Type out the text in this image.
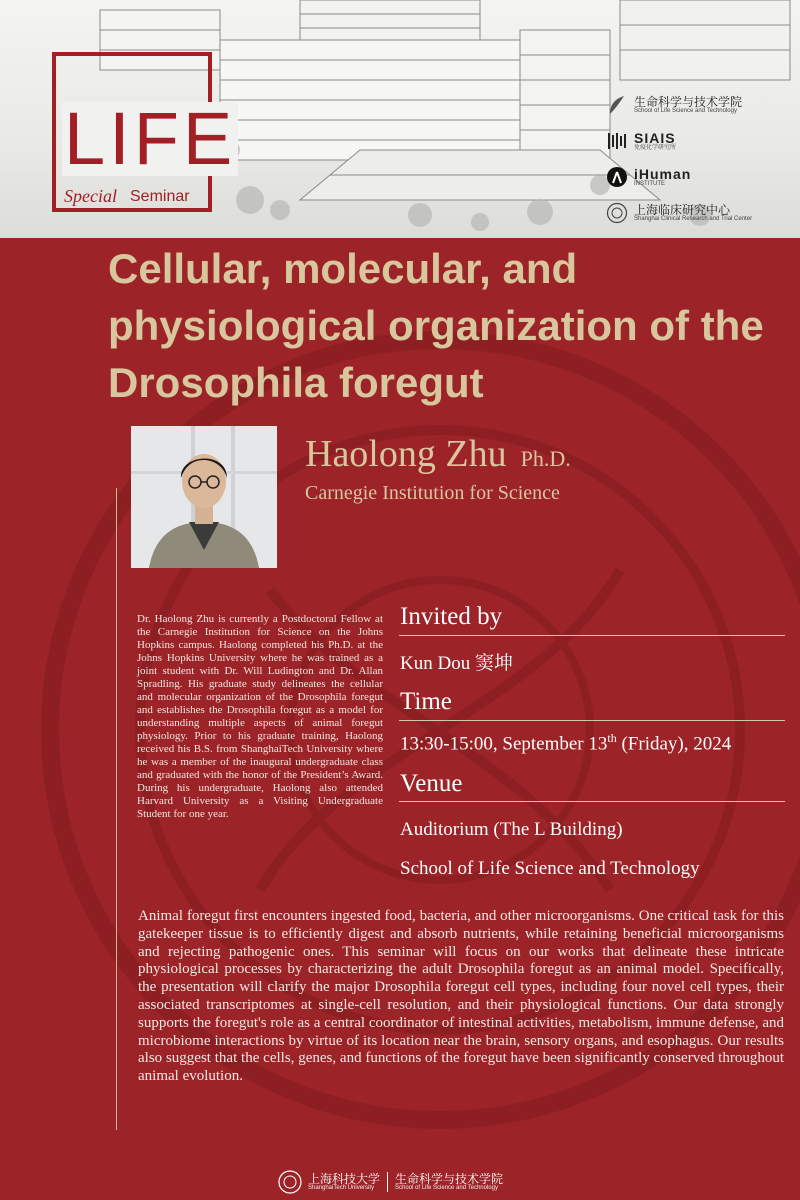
LIFE
Special Seminar
生命科学与技术学院
School of Life Science and Technology
SIAIS
免疫化学研究所
iHuman
INSTITUTE
上海临床研究中心
Shanghai Clinical Research and Trial Center
Cellular, molecular, and physiological organization of the Drosophila foregut
Haolong Zhu Ph.D.
Carnegie Institution for Science

Dr. Haolong Zhu is currently a Postdoctoral Fellow at the Carnegie Institution for Science on the Johns Hopkins campus. Haolong completed his Ph.D. at the Johns Hopkins University where he was trained as a joint student with Dr. Will Ludington and Dr. Allan Spradling. His graduate study delineates the cellular and molecular organization of the Drosophila foregut and establishes the Drosophila foregut as a model for understanding multiple aspects of animal foregut physiology. Prior to his graduate training, Haolong received his B.S. from ShanghaiTech University where he was a member of the inaugural undergraduate class and graduated with the honor of the President’s Award. During his undergraduate, Haolong also attended Harvard University as a Visiting Undergraduate Student for one year.

Invited by
Kun Dou 窦坤
Time
13:30-15:00, September 13th (Friday), 2024
Venue
Auditorium (The L Building)
School of Life Science and Technology

Animal foregut first encounters ingested food, bacteria, and other microorganisms. One critical task for this gatekeeper tissue is to efficiently digest and absorb nutrients, while retaining beneficial microorganisms and rejecting pathogenic ones. This seminar will focus on our works that delineate these intricate physiological processes by characterizing the adult Drosophila foregut as an animal model. Specifically, the presentation will clarify the major Drosophila foregut cell types, including four novel cell types, their associated transcriptomes at single-cell resolution, and their physiological functions. Our data strongly supports the foregut's role as a central coordinator of intestinal activities, metabolism, immune defense, and microbiome interactions by virtue of its location near the brain, sensory organs, and esophagus. Our results also suggest that the cells, genes, and functions of the foregut have been significantly conserved throughout animal evolution.

上海科技大学
ShanghaiTech University
生命科学与技术学院
School of Life Science and Technology
